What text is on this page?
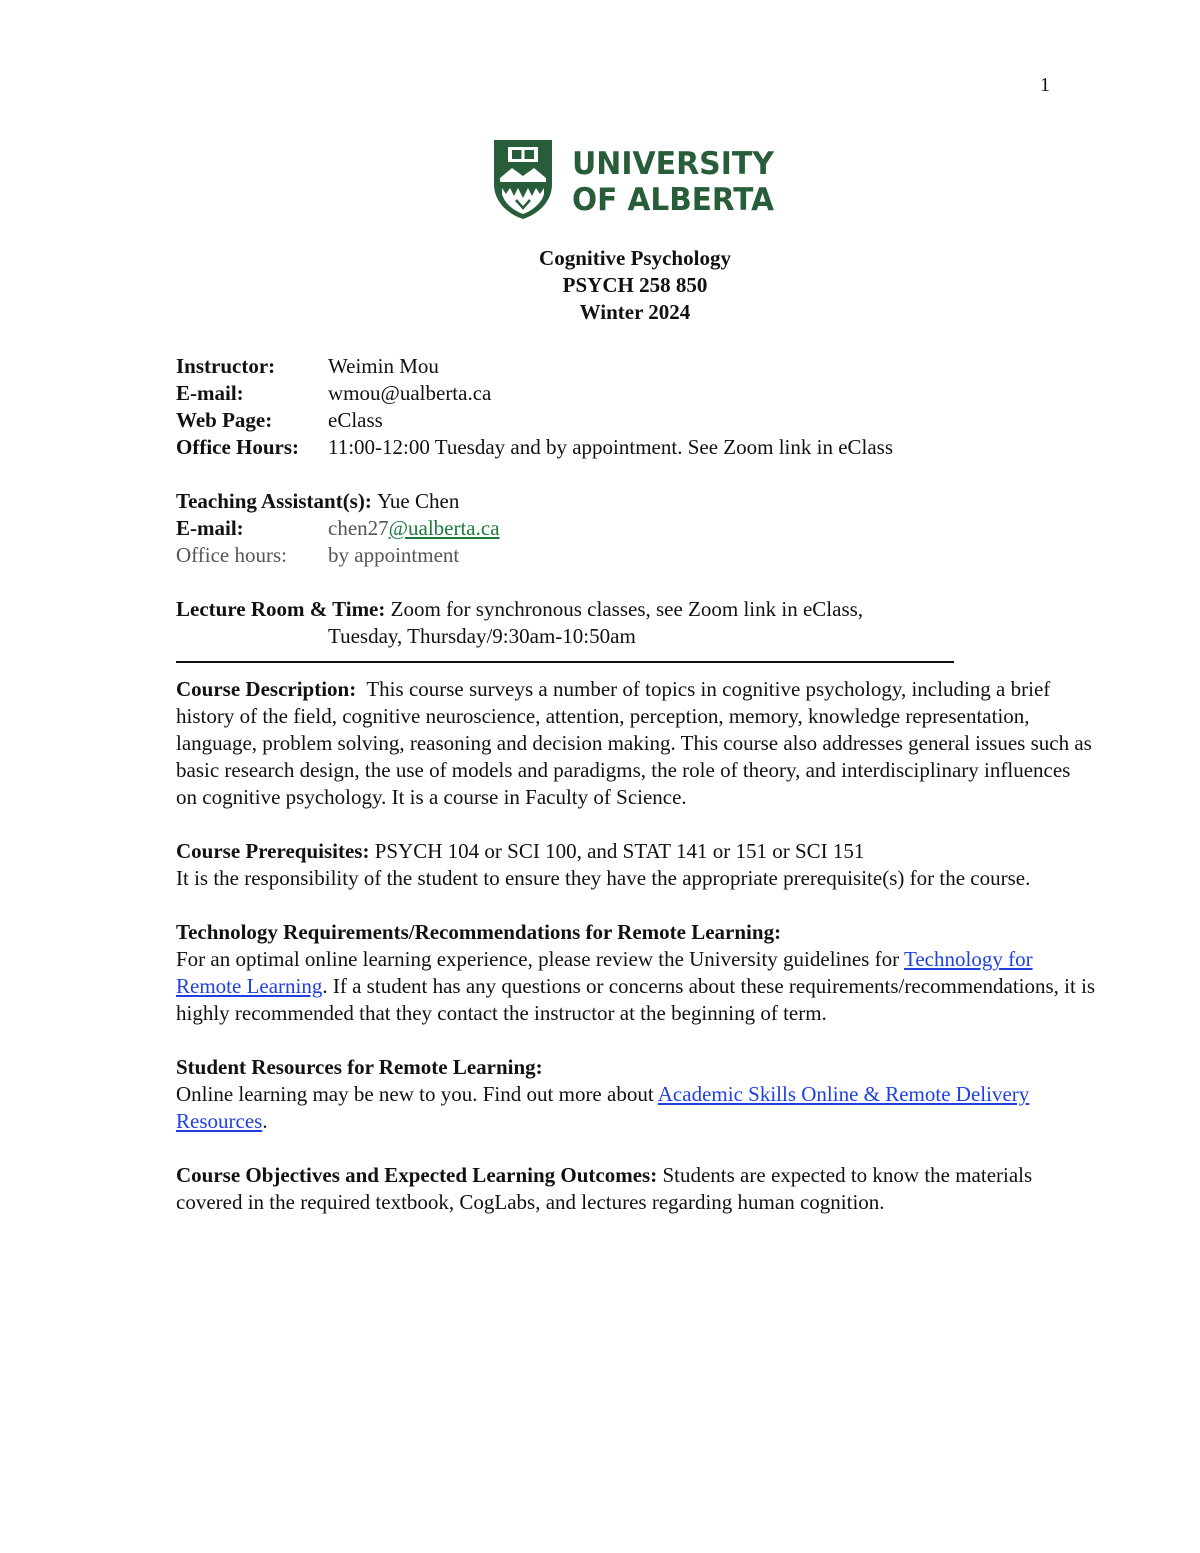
1
UNIVERSITY
OF ALBERTA
Cognitive Psychology
PSYCH 258 850
Winter 2024
Instructor:	Weimin Mou
E-mail:	wmou@ualberta.ca
Web Page:	eClass
Office Hours:	11:00-12:00 Tuesday and by appointment. See Zoom link in eClass
Teaching Assistant(s):
Yue Chen
E-mail:	chen27@ualberta.ca
Office hours:	by appointment
Lecture Room & Time:
Zoom for synchronous classes, see Zoom link in eClass,
Tuesday, Thursday/9:30am-10:50am

Course Description: This course surveys a number of topics in cognitive psychology, including a brief history of the field, cognitive neuroscience, attention, perception, memory, knowledge representation, language, problem solving, reasoning and decision making. This course also addresses general issues such as basic research design, the use of models and paradigms, the role of theory, and interdisciplinary influences on cognitive psychology. It is a course in Faculty of Science.

Course Prerequisites: PSYCH 104 or SCI 100, and STAT 141 or 151 or SCI 151

It is the responsibility of the student to ensure they have the appropriate prerequisite(s) for the course.

Technology Requirements/Recommendations for Remote Learning:

For an optimal online learning experience, please review the University guidelines for Technology for Remote Learning. If a student has any questions or concerns about these requirements/recommendations, it is highly recommended that they contact the instructor at the beginning of term.

Student Resources for Remote Learning:

Online learning may be new to you. Find out more about Academic Skills Online & Remote Delivery Resources.

Course Objectives and Expected Learning Outcomes: Students are expected to know the materials covered in the required textbook, CogLabs, and lectures regarding human cognition.
